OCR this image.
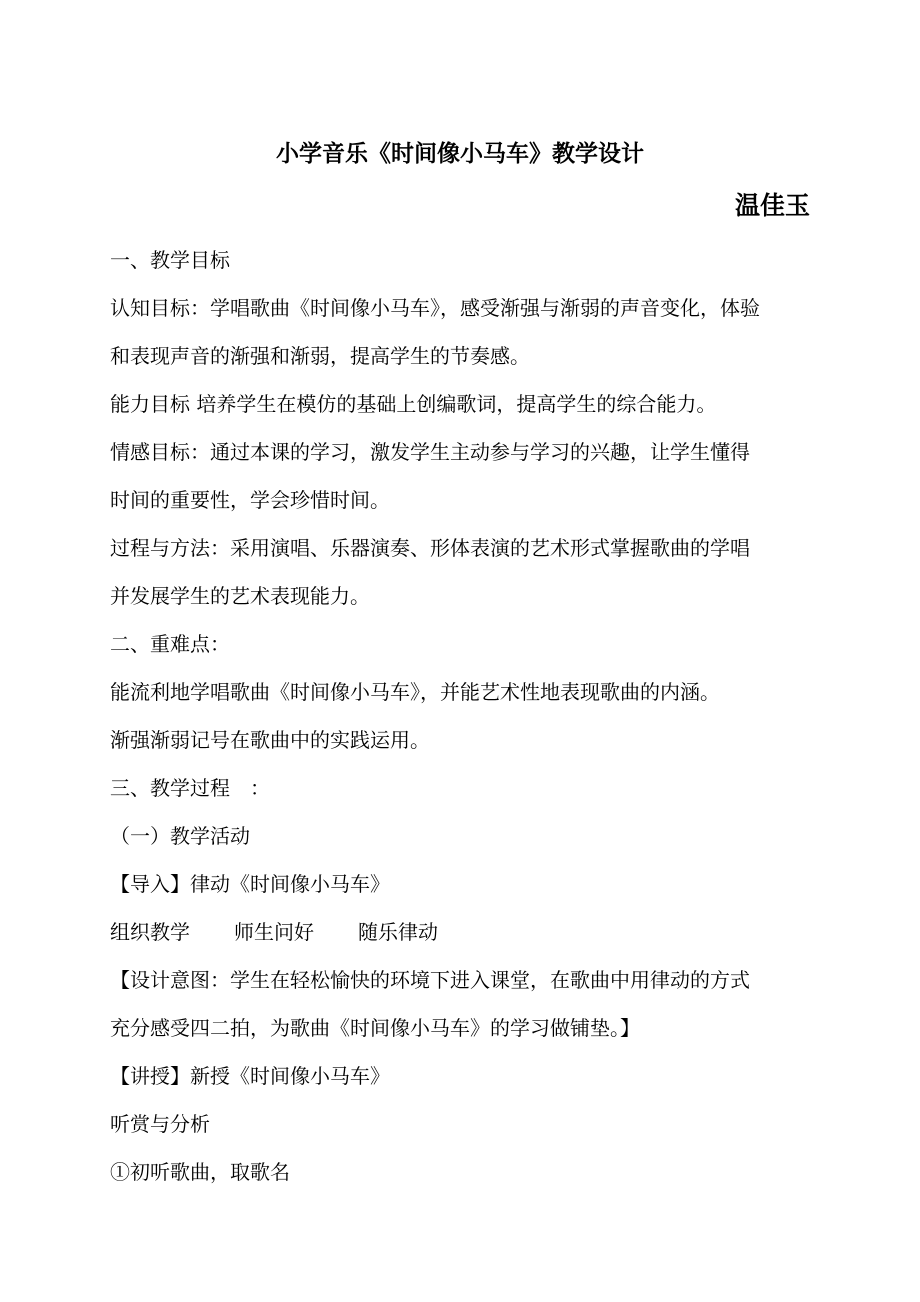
小学音乐《时间像小马车》教学设计
温佳玉
一、教学目标
认知目标：学唱歌曲《时间像小马车》，感受渐强与渐弱的声音变化，体验
和表现声音的渐强和渐弱，提高学生的节奏感。
能力目标 培养学生在模仿的基础上创编歌词，提高学生的综合能力。
情感目标：通过本课的学习，激发学生主动参与学习的兴趣，让学生懂得
时间的重要性，学会珍惜时间。
过程与方法：采用演唱、乐器演奏、形体表演的艺术形式掌握歌曲的学唱
并发展学生的艺术表现能力。
二、重难点：
能流利地学唱歌曲《时间像小马车》，并能艺术性地表现歌曲的内涵。
渐强渐弱记号在歌曲中的实践运用。
三、教学过程 ：
（一）教学活动
【导入】律动《时间像小马车》
组织教学 师生问好 随乐律动
【设计意图：学生在轻松愉快的环境下进入课堂，在歌曲中用律动的方式
充分感受四二拍，为歌曲《时间像小马车》的学习做铺垫。】
【讲授】新授《时间像小马车》
听赏与分析
①初听歌曲，取歌名
